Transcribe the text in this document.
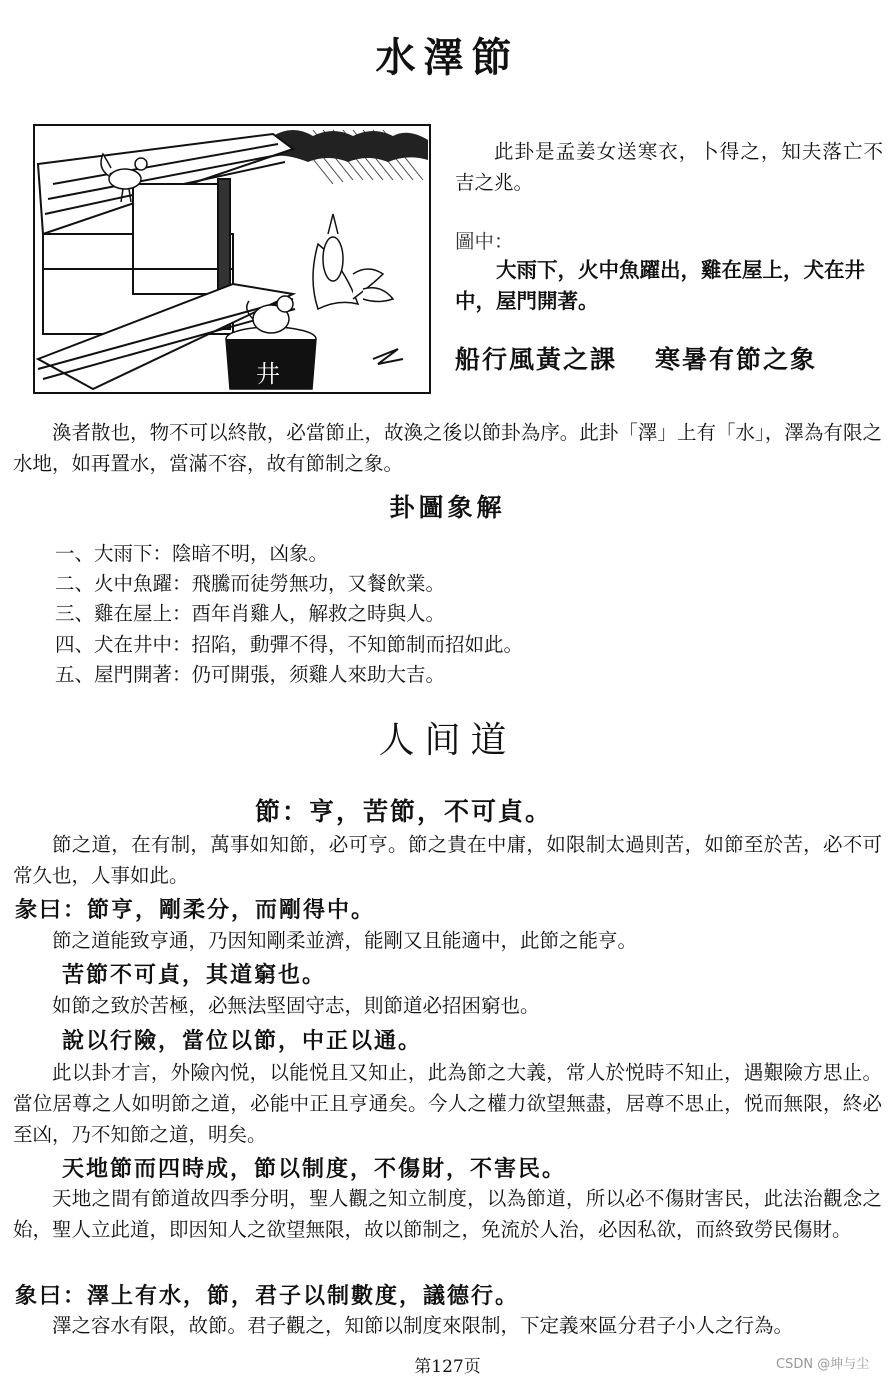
水澤節
井
此卦是孟姜女送寒衣，卜得之，知夫落亡不吉之兆。
圖中：
大雨下，火中魚躍出，雞在屋上，犬在井中，屋門開著。
船行風黃之課 寒暑有節之象
渙者散也，物不可以終散，必當節止，故渙之後以節卦為序。此卦「澤」上有「水」，澤為有限之水地，如再置水，當滿不容，故有節制之象。
卦圖象解
一、大雨下：陰暗不明，凶象。
二、火中魚躍：飛騰而徒勞無功，又餐飲業。
三、雞在屋上：酉年肖雞人，解救之時與人。
四、犬在井中：招陷，動彈不得，不知節制而招如此。
五、屋門開著：仍可開張，须雞人來助大吉。
人间道
節：亨，苦節，不可貞。
節之道，在有制，萬事如知節，必可亨。節之貴在中庸，如限制太過則苦，如節至於苦，必不可常久也，人事如此。
彖曰：節亨，剛柔分，而剛得中。
節之道能致亨通，乃因知剛柔並濟，能剛又且能適中，此節之能亨。
苦節不可貞，其道窮也。
如節之致於苦極，必無法堅固守志，則節道必招困窮也。
說以行險，當位以節，中正以通。
此以卦才言，外險內悦，以能悦且又知止，此為節之大義，常人於悦時不知止，遇艱險方思止。當位居尊之人如明節之道，必能中正且亨通矣。今人之權力欲望無盡，居尊不思止，悦而無限，終必至凶，乃不知節之道，明矣。
天地節而四時成，節以制度，不傷財，不害民。
天地之間有節道故四季分明，聖人觀之知立制度，以為節道，所以必不傷財害民，此法治觀念之始，聖人立此道，即因知人之欲望無限，故以節制之，免流於人治，必因私欲，而終致勞民傷財。
象曰：澤上有水，節，君子以制數度，議德行。
澤之容水有限，故節。君子觀之，知節以制度來限制，下定義來區分君子小人之行為。
第127页	CSDN @坤与尘
